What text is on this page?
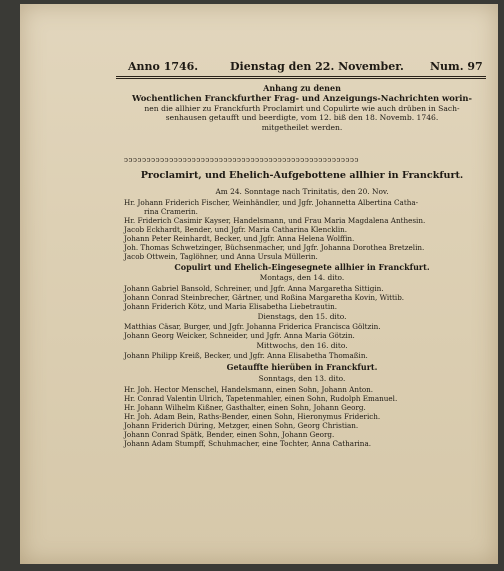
Anno 1746.	Dienstag den 22. November. Num. 97
Anhang zu denen
Wochentlichen Franckfurther Frag- und Anzeigungs-Nachrichten worin-
nen die allhier zu Franckfurth Proclamirt und Copulirte wie auch drüben in Sach-
senhausen getaufft und beerdigte, vom 12. biß den 18. Novemb. 1746.
mitgetheilet werden.
ↄↄↄↄↄↄↄↄↄↄↄↄↄↄↄↄↄↄↄↄↄↄↄↄↄↄↄↄↄↄↄↄↄↄↄↄↄↄↄↄↄↄↄↄↄↄↄↄↄↄↄↄ
Proclamirt, und Ehelich-Aufgebottene allhier in Franckfurt.
Am 24. Sonntage nach Trinitatis, den 20. Nov.
Hr. Johann Friderich Fischer, Weinhändler, und Jgfr. Johannetta Albertina Catha-
rina Cramerin.
Hr. Friderich Casimir Kayser, Handelsmann, und Frau Maria Magdalena Anthesin.
Jacob Eckhardt, Bender, und Jgfr. Maria Catharina Klencklin.
Johann Peter Reinhardt, Becker, und Jgfr. Anna Helena Wolffin.
Joh. Thomas Schwetzinger, Büchsenmacher, und Jgfr. Johanna Dorothea Bretzelin.
Jacob Ottwein, Taglöhner, und Anna Ursula Müllerin.
Copulirt und Ehelich-Eingesegnete allhier in Franckfurt.
Montags, den 14. dito.
Johann Gabriel Bansold, Schreiner, und Jgfr. Anna Margaretha Sittigin.
Johann Conrad Steinbrecher, Gärtner, und Roßina Margaretha Kovin, Wittib.
Johann Friderich Kötz, und Maria Elisabetha Liebetrautin.
Dienstags, den 15. dito.
Matthias Cäsar, Burger, und Jgfr. Johanna Friderica Francisca Göltzin.
Johann Georg Weicker, Schneider, und Jgfr. Anna Maria Götzin.
Mittwochs, den 16. dito.
Johann Philipp Kreiß, Becker, und Jgfr. Anna Elisabetha Thomaßin.
Getauffte hierüben in Franckfurt.
Sonntags, den 13. dito.
Hr. Joh. Hector Menschel, Handelsmann, einen Sohn, Johann Anton.
Hr. Conrad Valentin Ulrich, Tapetenmahler, einen Sohn, Rudolph Emanuel.
Hr. Johann Wilhelm Kißner, Gasthalter, einen Sohn, Johann Georg.
Hr. Joh. Adam Bein, Raths-Bender, einen Sohn, Hieronymus Friderich.
Johann Friderich Düring, Metzger, einen Sohn, Georg Christian.
Johann Conrad Spätk, Bender, einen Sohn, Johann Georg.
Johann Adam Stumpff, Schuhmacher, eine Tochter, Anna Catharina.
